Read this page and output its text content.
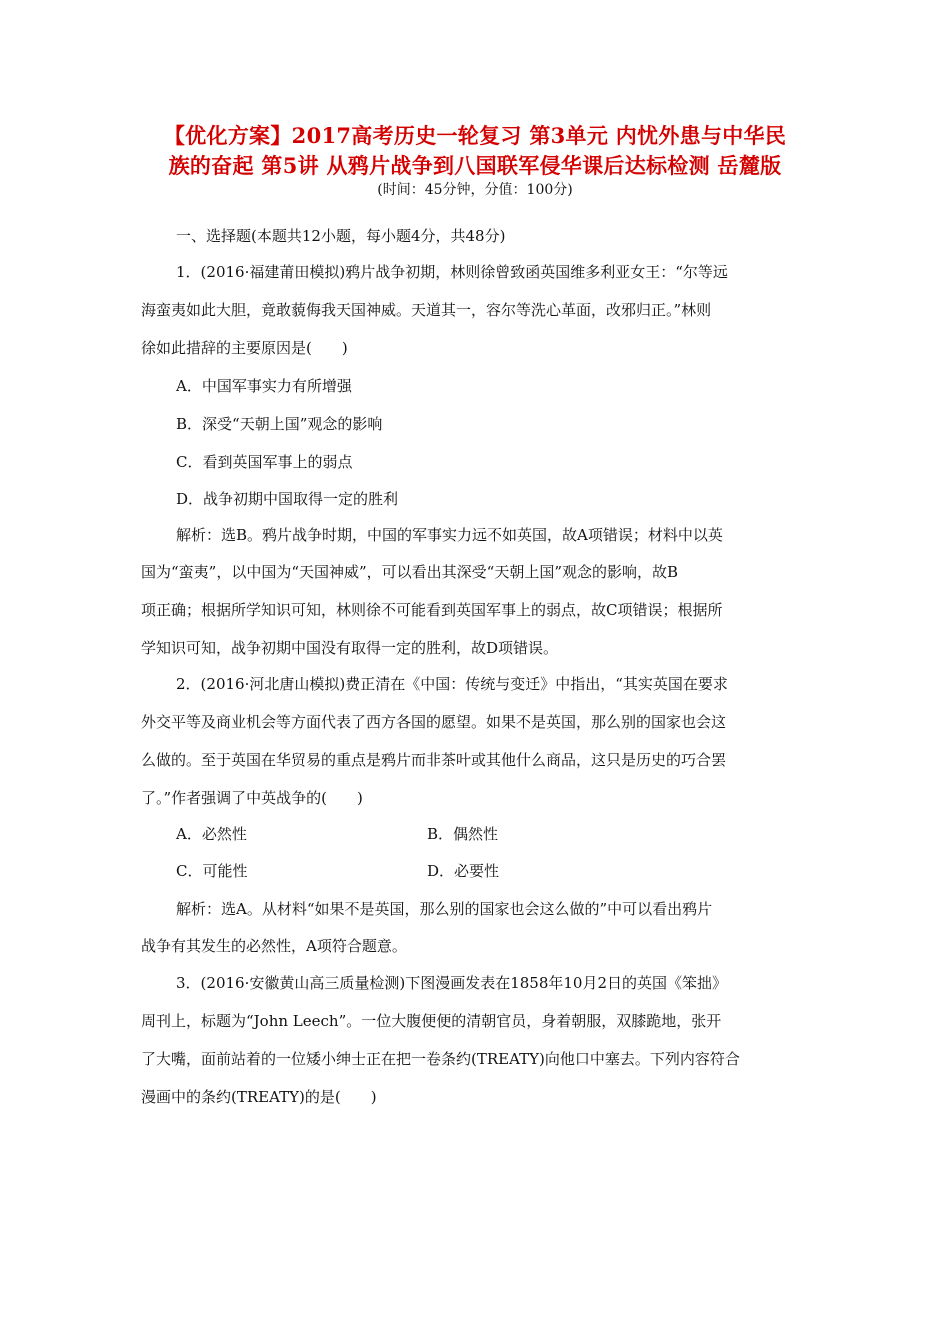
【优化方案】2017高考历史一轮复习 第3单元 内忧外患与中华民
族的奋起 第5讲 从鸦片战争到八国联军侵华课后达标检测 岳麓版
(时间：45分钟，分值：100分)
一、选择题(本题共12小题，每小题4分，共48分)
1．(2016·福建莆田模拟)鸦片战争初期，林则徐曾致函英国维多利亚女王：“尔等远
海蛮夷如此大胆，竟敢藐侮我天国神威。天道其一，容尔等洗心革面，改邪归正。”林则
徐如此措辞的主要原因是(　　)
A．中国军事实力有所增强
B．深受“天朝上国”观念的影响
C．看到英国军事上的弱点
D．战争初期中国取得一定的胜利
解析：选B。鸦片战争时期，中国的军事实力远不如英国，故A项错误；材料中以英
国为“蛮夷”，以中国为“天国神威”，可以看出其深受“天朝上国”观念的影响，故B
项正确；根据所学知识可知，林则徐不可能看到英国军事上的弱点，故C项错误；根据所
学知识可知，战争初期中国没有取得一定的胜利，故D项错误。
2．(2016·河北唐山模拟)费正清在《中国：传统与变迁》中指出，“其实英国在要求
外交平等及商业机会等方面代表了西方各国的愿望。如果不是英国，那么别的国家也会这
么做的。至于英国在华贸易的重点是鸦片而非茶叶或其他什么商品，这只是历史的巧合罢
了。”作者强调了中英战争的(　　)
A．必然性	B．偶然性
C．可能性	D．必要性
解析：选A。从材料“如果不是英国，那么别的国家也会这么做的”中可以看出鸦片
战争有其发生的必然性，A项符合题意。
3．(2016·安徽黄山高三质量检测)下图漫画发表在1858年10月2日的英国《笨拙》
周刊上，标题为“John Leech”。一位大腹便便的清朝官员，身着朝服，双膝跪地，张开
了大嘴，面前站着的一位矮小绅士正在把一卷条约(TREATY)向他口中塞去。下列内容符合
漫画中的条约(TREATY)的是(　　)
